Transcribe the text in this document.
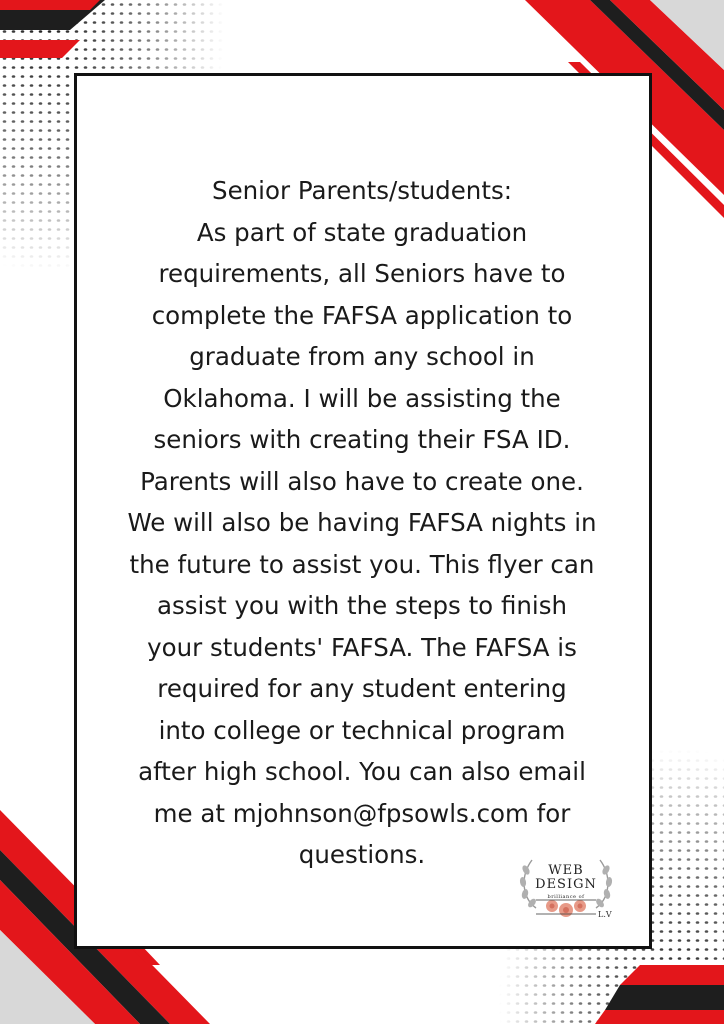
Senior Parents/students:
As part of state graduation
requirements, all Seniors have to
complete the FAFSA application to
graduate from any school in
Oklahoma. I will be assisting the
seniors with creating their FSA ID.
Parents will also have to create one.
We will also be having FAFSA nights in
the future to assist you. This flyer can
assist you with the steps to finish
your students' FAFSA. The FAFSA is
required for any student entering
into college or technical program
after high school. You can also email
me at mjohnson@fpsowls.com for
questions.
WEB
DESIGN
brilliance of
L.V
